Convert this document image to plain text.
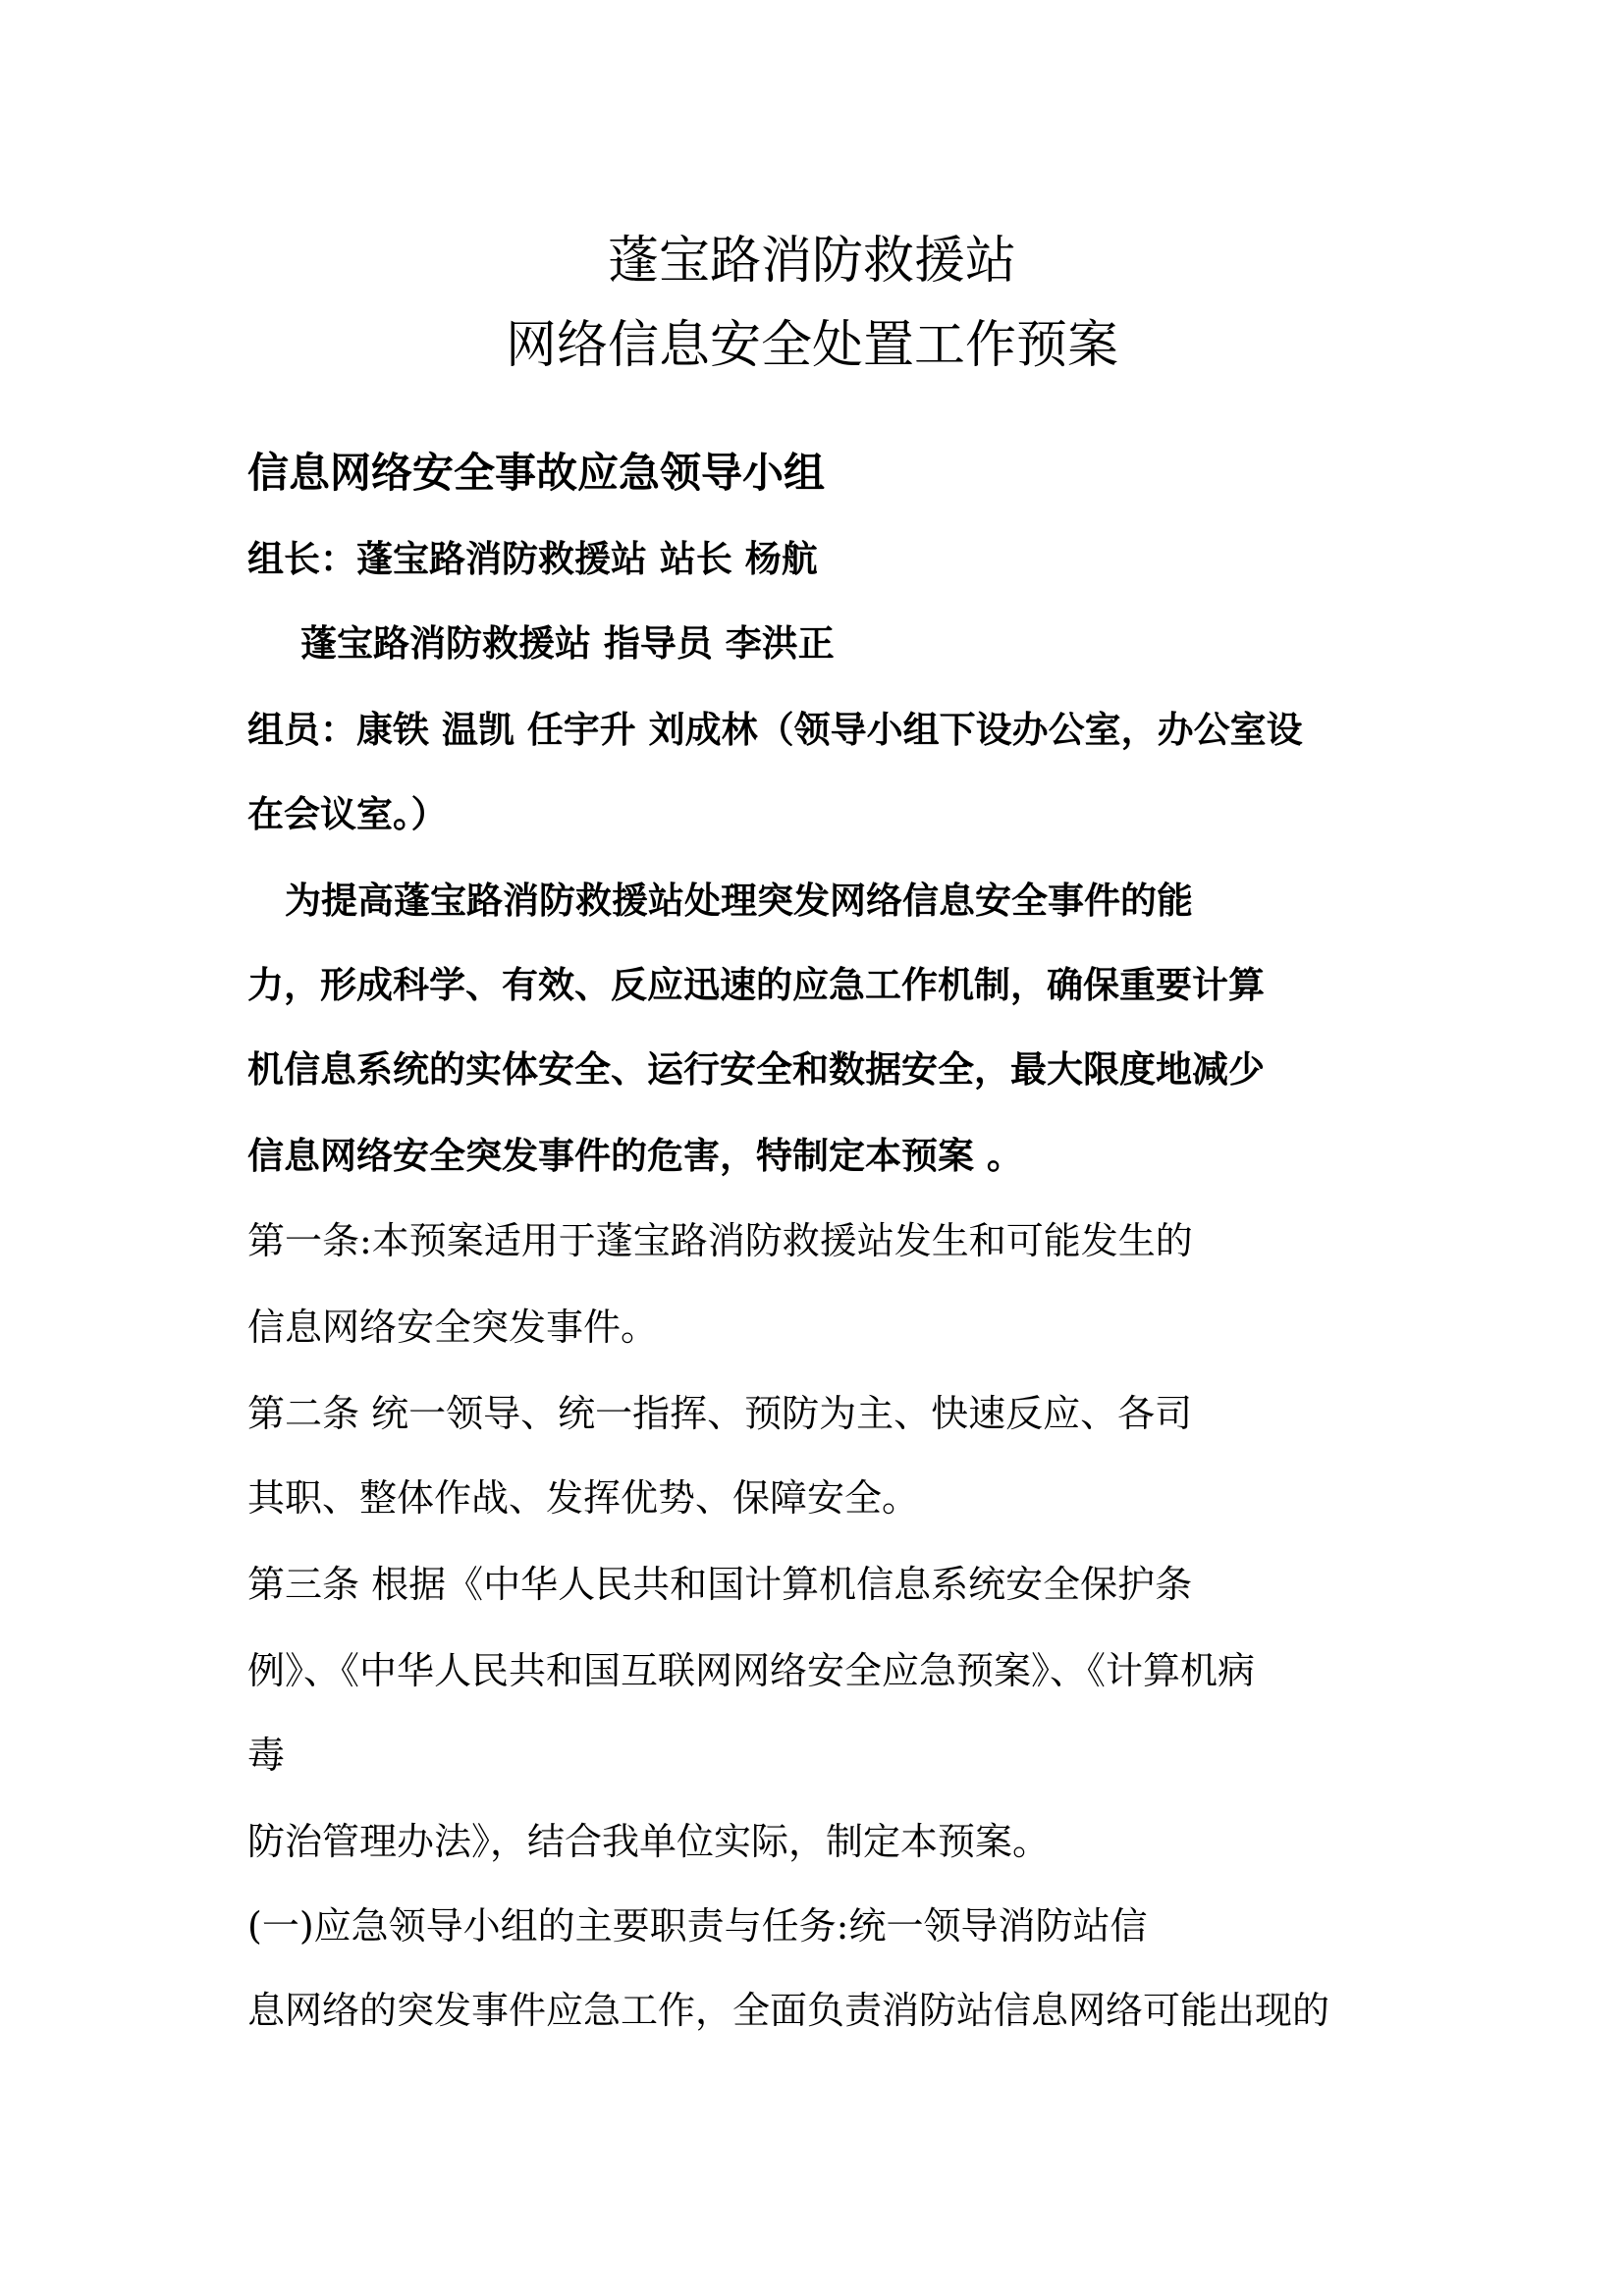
蓬宝路消防救援站
网络信息安全处置工作预案
信息网络安全事故应急领导小组
组长：蓬宝路消防救援站 站长 杨航
蓬宝路消防救援站 指导员 李洪正
组员：康铁 温凯 任宇升 刘成林（领导小组下设办公室，办公室设
在会议室。）
为提高蓬宝路消防救援站处理突发网络信息安全事件的能
力，形成科学、有效、反应迅速的应急工作机制，确保重要计算
机信息系统的实体安全、运行安全和数据安全，最大限度地减少
信息网络安全突发事件的危害，特制定本预案 。
第一条:本预案适用于蓬宝路消防救援站发生和可能发生的
信息网络安全突发事件。
第二条 统一领导、统一指挥、预防为主、快速反应、各司
其职、整体作战、发挥优势、保障安全。
第三条 根据《中华人民共和国计算机信息系统安全保护条
例》、《中华人民共和国互联网网络安全应急预案》、《计算机病
毒
防治管理办法》，结合我单位实际，制定本预案。
(一)应急领导小组的主要职责与任务:统一领导消防站信
息网络的突发事件应急工作，全面负责消防站信息网络可能出现的
